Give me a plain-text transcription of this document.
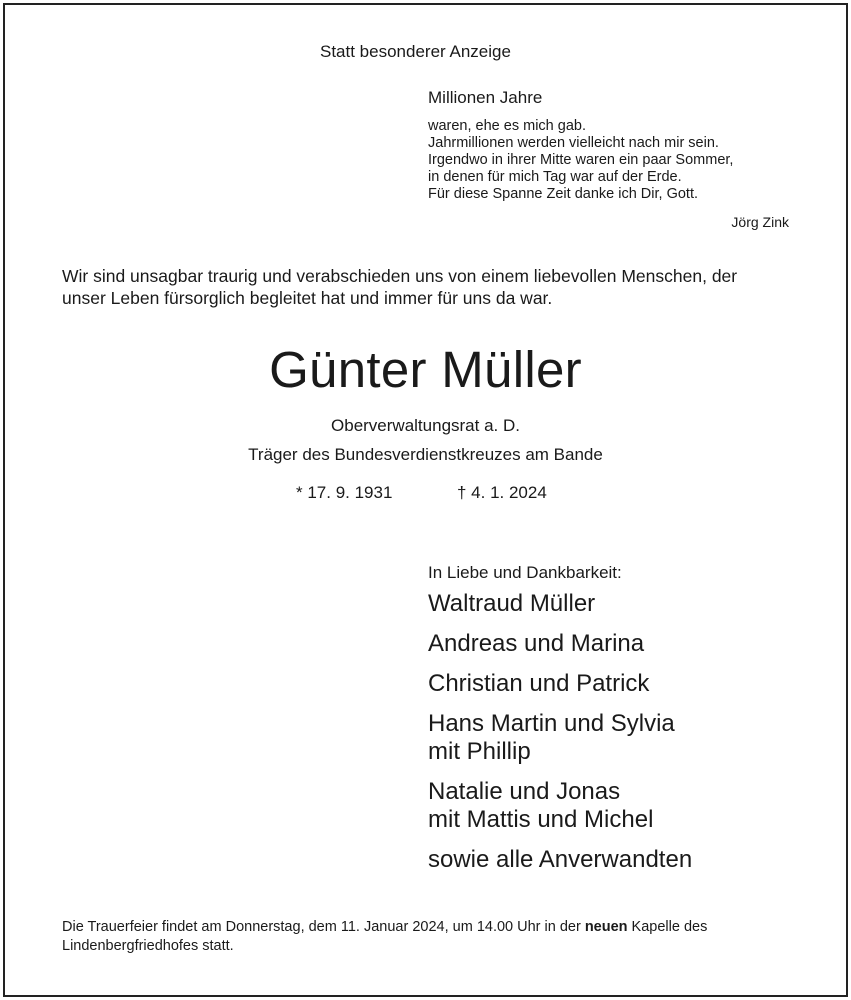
Statt besonderer Anzeige
Millionen Jahre
waren, ehe es mich gab.
Jahrmillionen werden vielleicht nach mir sein.
Irgendwo in ihrer Mitte waren ein paar Sommer,
in denen für mich Tag war auf der Erde.
Für diese Spanne Zeit danke ich Dir, Gott.
Jörg Zink
Wir sind unsagbar traurig und verabschieden uns von einem liebevollen Menschen, der
unser Leben fürsorglich begleitet hat und immer für uns da war.
Günter Müller
Oberverwaltungsrat a. D.
Träger des Bundesverdienstkreuzes am Bande
* 17. 9. 1931	† 4. 1. 2024
In Liebe und Dankbarkeit:
Waltraud Müller
Andreas und Marina
Christian und Patrick
Hans Martin und Sylvia
mit Phillip
Natalie und Jonas
mit Mattis und Michel
sowie alle Anverwandten
Die Trauerfeier findet am Donnerstag, dem 11. Januar 2024, um 14.00 Uhr in der neuen Kapelle des
Lindenbergfriedhofes statt.
